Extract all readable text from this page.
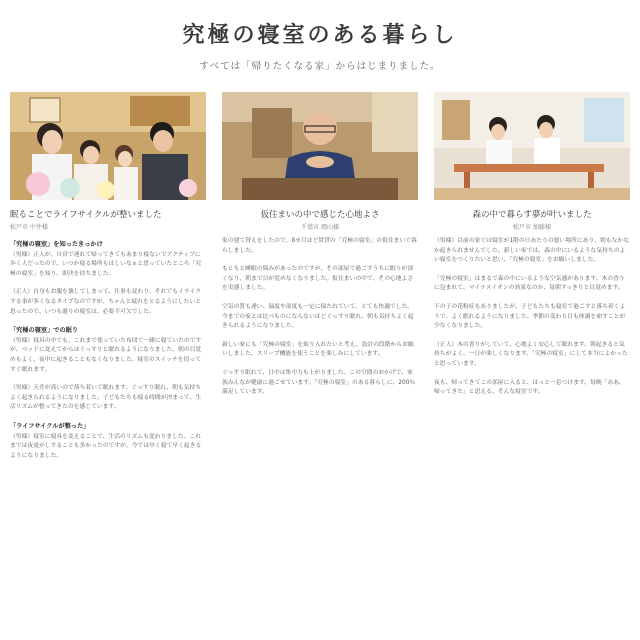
究極の寝室のある暮らし
すべては「帰りたくなる家」からはじまりました。
眠ることでライフサイクルが整いました
松戸市 中井様

「究極の寝室」を知ったきっかけ
（男様）正人が、自営で連れて帰ってきてもあまり寝ないでアクティブに歩く人だったので、いつか寝る場所もほしいなぁと思っていたところ「究極の寝室」を知り、即決を持ちました。

（正人）自身もお腹を壊してしまって、仕事も変わり、それでもイライラする事が多くなるタイプなのですが、ちゃんと疲れをとるようにしたいと思ったので、いつも通りの寝室は、必要不可欠でした。

「究極の寝室」での眠り
（男様）寝具の中でも、これまで使っていた布団で一緒に寝ていたのですが、ベッドに変えてからはぐっすりと眠れるようになりました。朝の目覚めもよく、夜中に起きることもなくなりました。寝室のスイッチを切ってすぐ眠れます。

（男様）天井が高いので落ち着いて眠れます。ぐっすり眠れ、朝も気持ちよく起きられるようになりました。子どもたちも寝る時間が決まって、生活リズムが整ってきたのを感じています。

「ライフサイクルが整った」
（男様）寝室に寝具を変えることで、生活のリズムも変わりました。これまでは夜更かしすることも多かったのですが、今では早く寝て早く起きるようになりました。

仮住まいの中で感じた心地よさ
千葉市 岡山様

家の建て替えをしたので、8カ月ほど賃貸の「究極の寝室」の仮住まいで暮らしました。

もともと睡眠の悩みがあったのですが、その部屋で過ごすうちに眠りが深くなり、朝まで目が覚めなくなりました。仮住まいの中で、その心地よさを実感しました。

空気の質も違い、温度や湿度も一定に保たれていて、とても快適でした。今までの家とは比べものにならないほどぐっすり眠れ、朝も気持ちよく起きられるようになりました。

新しい家にも「究極の寝室」を取り入れたいと考え、設計の段階からお願いしました。スリープ機能を使うことを楽しみにしています。

ぐっすり眠れて、日中は集中力も上がりました。この空間のおかげで、家族みんなが健康に過ごせています。「究極の寝室」のある暮らしに、200％満足しています。

森の中で暮らす夢が叶いました
松戸市 加藤様

（男様）以前の家では寝室が1階の日あたりの悪い場所にあり、朝もなかなか起きられませんでした。新しい家では、森の中にいるような気持ちのよい寝室をつくりたいと思い、「究極の寝室」をお願いしました。

「究極の寝室」はまるで森の中にいるような空気感があります。木の香りに包まれて、マイナスイオンの効果なのか、毎朝すっきりと目覚めます。

下の子の花粉症もありましたが、子どもたちも寝室で過ごすと落ち着くようで、よく眠れるようになりました。季節の変わり目も体調を崩すことが少なくなりました。

（正人）木の香りがしていて、心地よく安心して眠れます。朝起きると気持ちがよく、一日が楽しくなります。「究極の寝室」にして本当によかったと思っています。

夜も、帰ってきてこの部屋に入ると、ほっと一息つけます。毎晩「ああ、帰ってきた」と思える、そんな寝室です。
